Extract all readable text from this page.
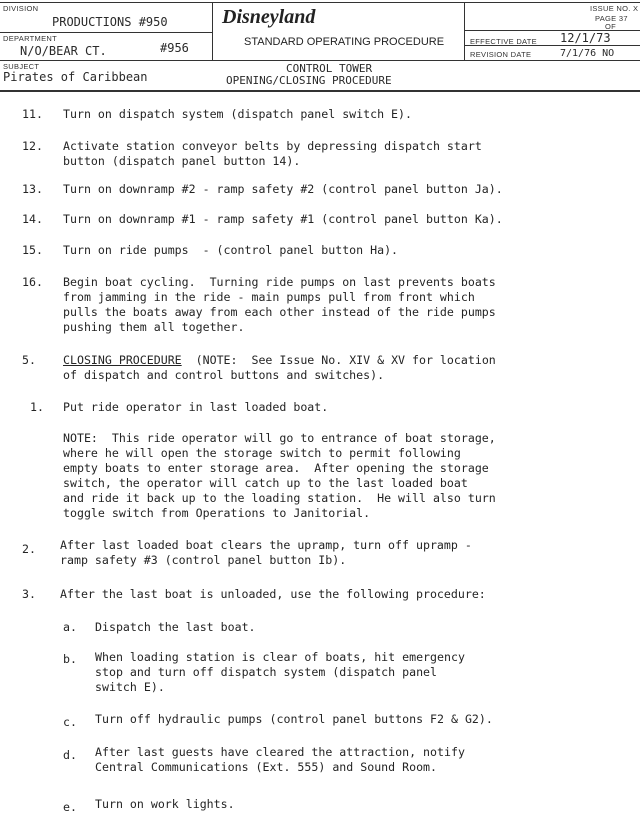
DIVISION
PRODUCTIONS #950
DEPARTMENT
N/O/BEAR CT.	#956
SUBJECT
Pirates of Caribbean
Disneyland
STANDARD OPERATING PROCEDURE
CONTROL TOWER
OPENING/CLOSING PROCEDURE
ISSUE NO. X
PAGE 37
OF
EFFECTIVE DATE 12/1/73
REVISION DATE	7/1/76 NO
11. Turn on dispatch system (dispatch panel switch E).
12. Activate station conveyor belts by depressing dispatch start
button (dispatch panel button 14).
13. Turn on downramp #2 - ramp safety #2 (control panel button Ja).
14. Turn on downramp #1 - ramp safety #1 (control panel button Ka).
15. Turn on ride pumps  - (control panel button Ha).
16. Begin boat cycling.  Turning ride pumps on last prevents boats
from jamming in the ride - main pumps pull from front which
pulls the boats away from each other instead of the ride pumps
pushing them all together.
5. CLOSING PROCEDURE  (NOTE:  See Issue No. XIV & XV for location
of dispatch and control buttons and switches).
1. Put ride operator in last loaded boat.
NOTE:  This ride operator will go to entrance of boat storage,
where he will open the storage switch to permit following
empty boats to enter storage area.  After opening the storage
switch, the operator will catch up to the last loaded boat
and ride it back up to the loading station.  He will also turn
toggle switch from Operations to Janitorial.
2. After last loaded boat clears the upramp, turn off upramp -
ramp safety #3 (control panel button Ib).
3. After the last boat is unloaded, use the following procedure:
a. Dispatch the last boat.
b. When loading station is clear of boats, hit emergency
stop and turn off dispatch system (dispatch panel
switch E).
c. Turn off hydraulic pumps (control panel buttons F2 & G2).
d. After last guests have cleared the attraction, notify
Central Communications (Ext. 555) and Sound Room.
e. Turn on work lights.
